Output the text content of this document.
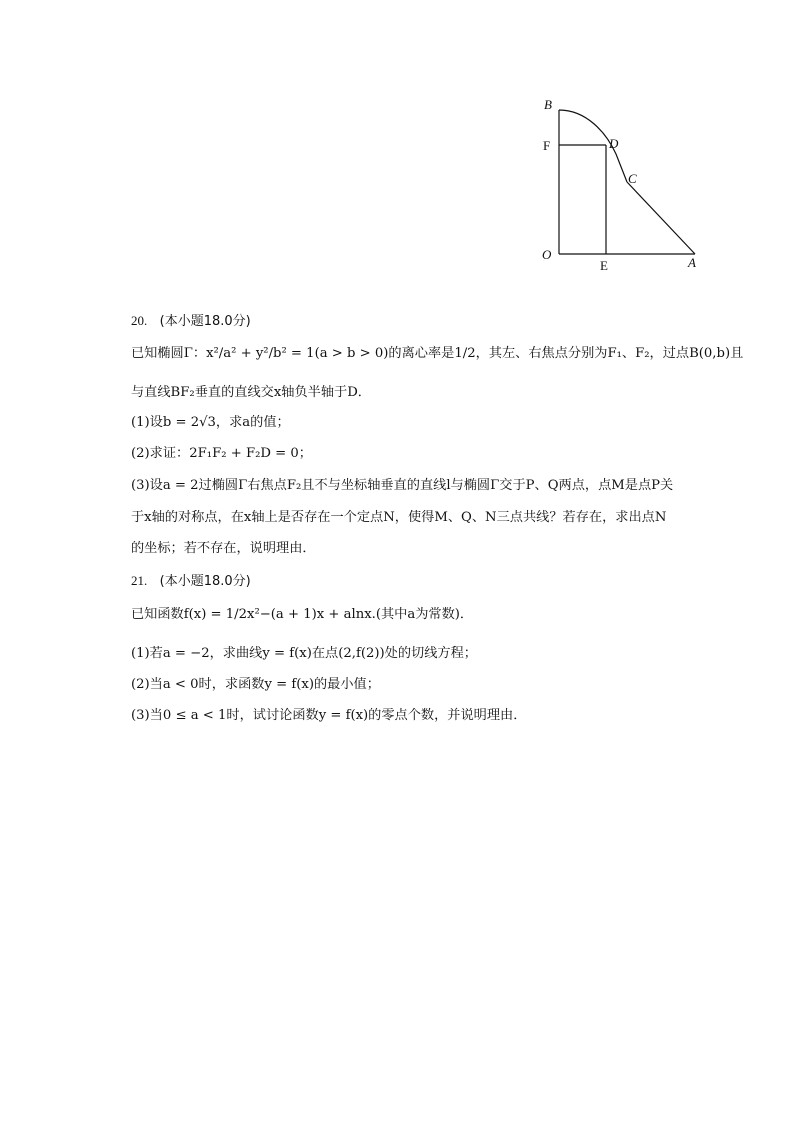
B
F	D
C
O
E	A
20. (本小题18.0分)
已知椭圆Γ：x²/a² + y²/b² = 1(a > b > 0)的离心率是1/2，其左、右焦点分别为F₁、F₂，过点B(0,b)且
与直线BF₂垂直的直线交x轴负半轴于D．
(1)设b = 2√3，求a的值；
(2)求证：2F₁F₂ + F₂D = 0；
(3)设a = 2过椭圆Γ右焦点F₂且不与坐标轴垂直的直线l与椭圆Γ交于P、Q两点，点M是点P关
于x轴的对称点，在x轴上是否存在一个定点N，使得M、Q、N三点共线？若存在，求出点N
的坐标；若不存在，说明理由．
21. (本小题18.0分)
已知函数f(x) = 1/2x²−(a + 1)x + alnx.(其中a为常数)．
(1)若a = −2，求曲线y = f(x)在点(2,f(2))处的切线方程；
(2)当a < 0时，求函数y = f(x)的最小值；
(3)当0 ≤ a < 1时，试讨论函数y = f(x)的零点个数，并说明理由．
